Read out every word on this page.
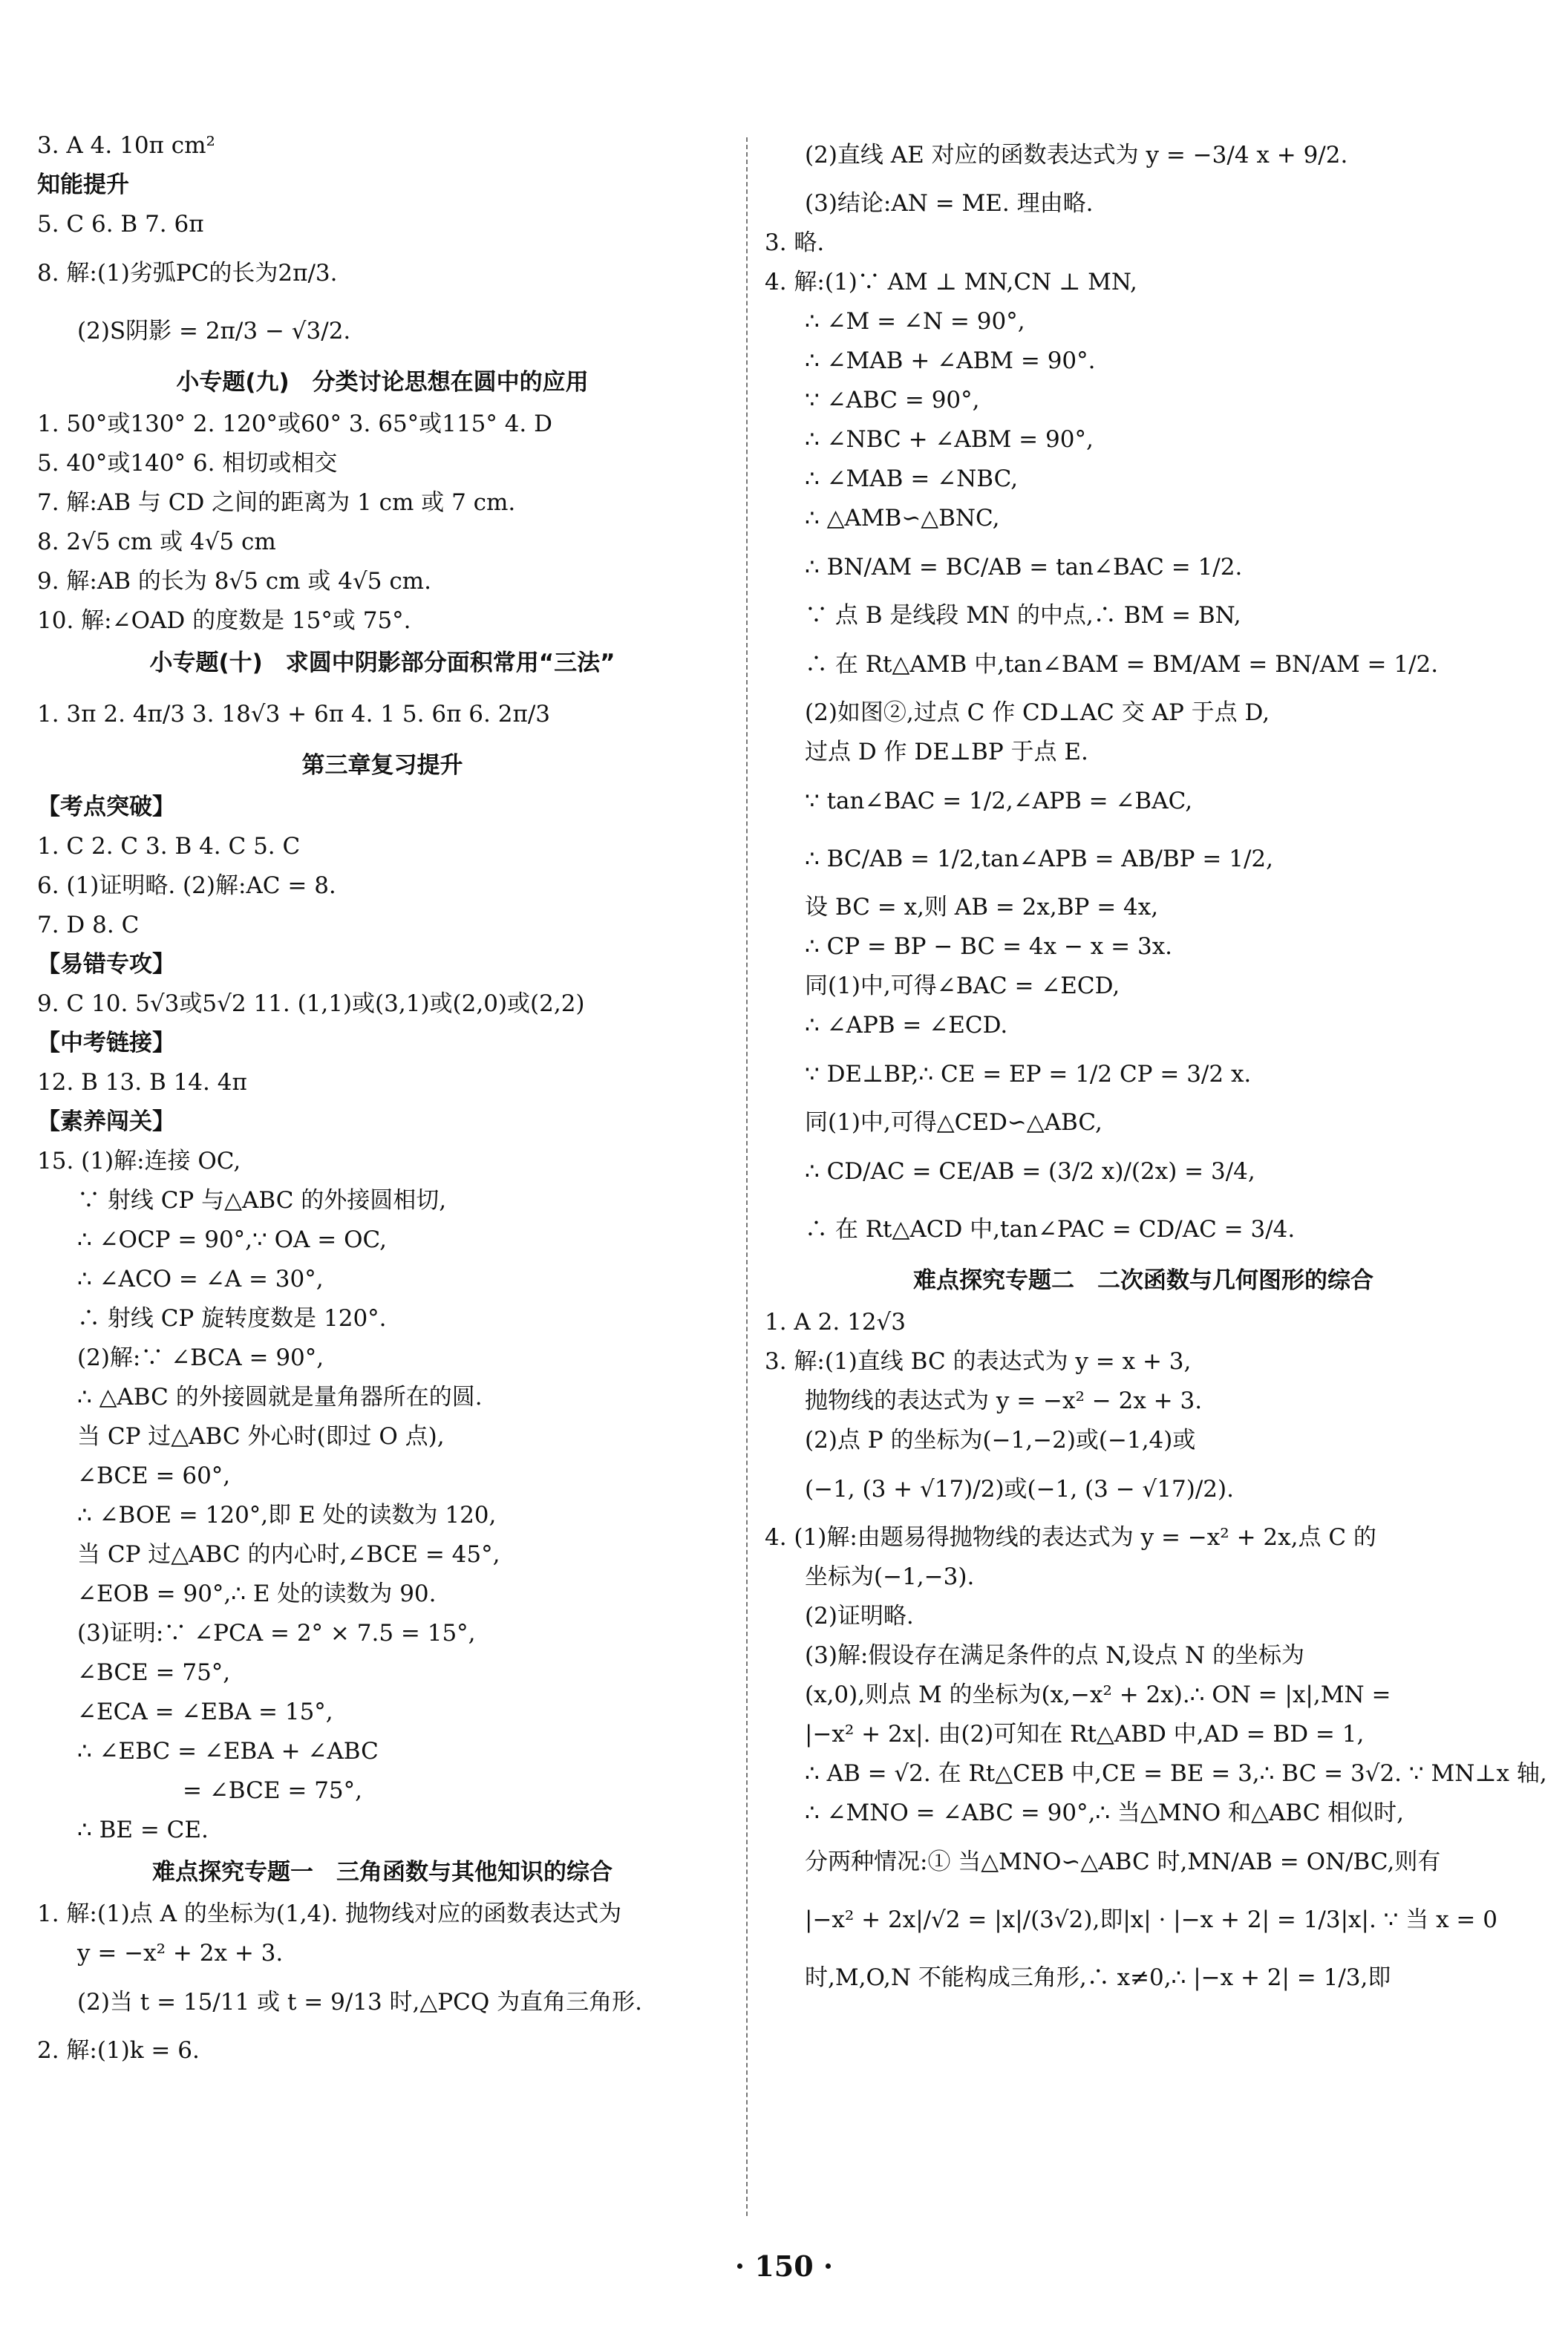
3. A 4. 10π cm²
知能提升
5. C 6. B 7. 6π
8. 解:(1)劣弧PC的长为2π/3.
(2)S阴影 = 2π/3 − √3/2.
小专题(九)　分类讨论思想在圆中的应用
1. 50°或130° 2. 120°或60° 3. 65°或115° 4. D
5. 40°或140° 6. 相切或相交
7. 解:AB 与 CD 之间的距离为 1 cm 或 7 cm.
8. 2√5 cm 或 4√5 cm
9. 解:AB 的长为 8√5 cm 或 4√5 cm.
10. 解:∠OAD 的度数是 15°或 75°.
小专题(十)　求圆中阴影部分面积常用“三法”
1. 3π 2. 4π/3 3. 18√3 + 6π 4. 1 5. 6π 6. 2π/3
第三章复习提升
【考点突破】
1. C 2. C 3. B 4. C 5. C
6. (1)证明略. (2)解:AC = 8.
7. D 8. C
【易错专攻】
9. C 10. 5√3或5√2 11. (1,1)或(3,1)或(2,0)或(2,2)
【中考链接】
12. B 13. B 14. 4π
【素养闯关】
15. (1)解:连接 OC,
∵ 射线 CP 与△ABC 的外接圆相切,
∴ ∠OCP = 90°,∵ OA = OC,
∴ ∠ACO = ∠A = 30°,
∴ 射线 CP 旋转度数是 120°.
(2)解:∵ ∠BCA = 90°,
∴ △ABC 的外接圆就是量角器所在的圆.
当 CP 过△ABC 外心时(即过 O 点),
∠BCE = 60°,
∴ ∠BOE = 120°,即 E 处的读数为 120,
当 CP 过△ABC 的内心时,∠BCE = 45°,
∠EOB = 90°,∴ E 处的读数为 90.
(3)证明:∵ ∠PCA = 2° × 7.5 = 15°,
∠BCE = 75°,
∠ECA = ∠EBA = 15°,
∴ ∠EBC = ∠EBA + ∠ABC
= ∠BCE = 75°,
∴ BE = CE.
难点探究专题一　三角函数与其他知识的综合
1. 解:(1)点 A 的坐标为(1,4). 抛物线对应的函数表达式为
y = −x² + 2x + 3.
(2)当 t = 15/11 或 t = 9/13 时,△PCQ 为直角三角形.
2. 解:(1)k = 6.
(2)直线 AE 对应的函数表达式为 y = −3/4 x + 9/2.
(3)结论:AN = ME. 理由略.
3. 略.
4. 解:(1)∵ AM ⊥ MN,CN ⊥ MN,
∴ ∠M = ∠N = 90°,
∴ ∠MAB + ∠ABM = 90°.
∵ ∠ABC = 90°,
∴ ∠NBC + ∠ABM = 90°,
∴ ∠MAB = ∠NBC,
∴ △AMB∽△BNC,
∴ BN/AM = BC/AB = tan∠BAC = 1/2.
∵ 点 B 是线段 MN 的中点,∴ BM = BN,
∴ 在 Rt△AMB 中,tan∠BAM = BM/AM = BN/AM = 1/2.
(2)如图②,过点 C 作 CD⊥AC 交 AP 于点 D,
过点 D 作 DE⊥BP 于点 E.
∵ tan∠BAC = 1/2,∠APB = ∠BAC,
∴ BC/AB = 1/2,tan∠APB = AB/BP = 1/2,
设 BC = x,则 AB = 2x,BP = 4x,
∴ CP = BP − BC = 4x − x = 3x.
同(1)中,可得∠BAC = ∠ECD,
∴ ∠APB = ∠ECD.
∵ DE⊥BP,∴ CE = EP = 1/2 CP = 3/2 x.
同(1)中,可得△CED∽△ABC,
∴ CD/AC = CE/AB = (3/2 x)/(2x) = 3/4,
∴ 在 Rt△ACD 中,tan∠PAC = CD/AC = 3/4.
难点探究专题二　二次函数与几何图形的综合
1. A 2. 12√3
3. 解:(1)直线 BC 的表达式为 y = x + 3,
抛物线的表达式为 y = −x² − 2x + 3.
(2)点 P 的坐标为(−1,−2)或(−1,4)或
(−1, (3 + √17)/2)或(−1, (3 − √17)/2).
4. (1)解:由题易得抛物线的表达式为 y = −x² + 2x,点 C 的
坐标为(−1,−3).
(2)证明略.
(3)解:假设存在满足条件的点 N,设点 N 的坐标为
(x,0),则点 M 的坐标为(x,−x² + 2x).∴ ON = |x|,MN =
|−x² + 2x|. 由(2)可知在 Rt△ABD 中,AD = BD = 1,
∴ AB = √2. 在 Rt△CEB 中,CE = BE = 3,∴ BC = 3√2. ∵ MN⊥x 轴,
∴ ∠MNO = ∠ABC = 90°,∴ 当△MNO 和△ABC 相似时,
分两种情况:① 当△MNO∽△ABC 时,MN/AB = ON/BC,则有
|−x² + 2x|/√2 = |x|/(3√2),即|x| · |−x + 2| = 1/3|x|. ∵ 当 x = 0
时,M,O,N 不能构成三角形,∴ x≠0,∴ |−x + 2| = 1/3,即
· 150 ·
